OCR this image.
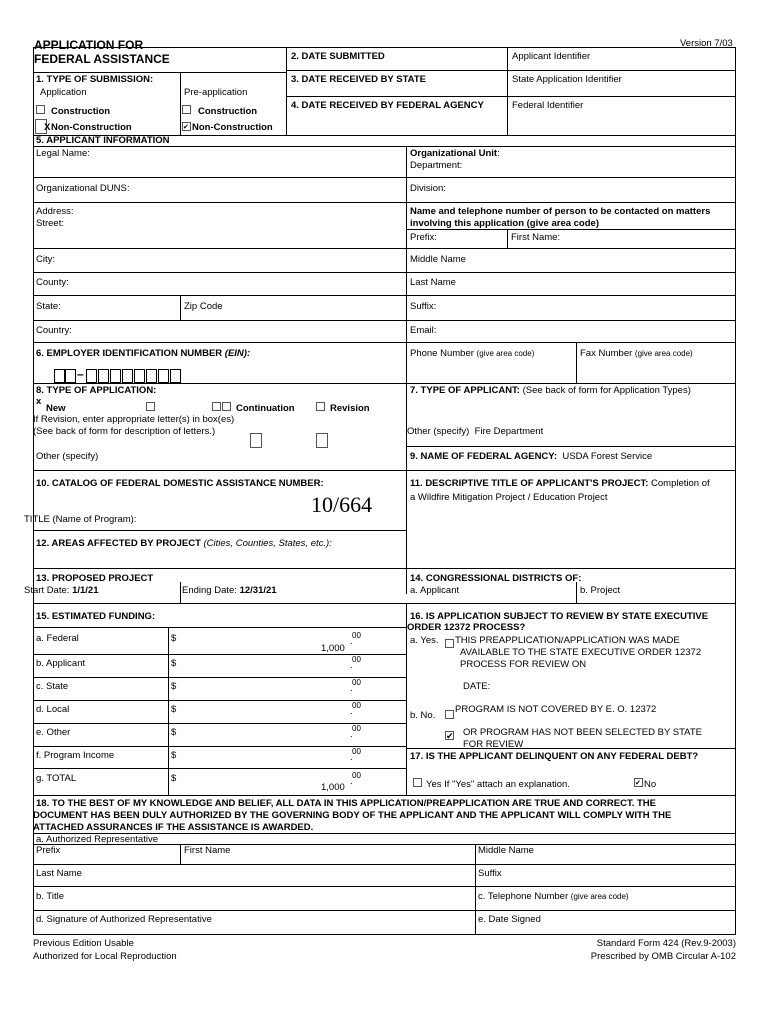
APPLICATION FOR
FEDERAL ASSISTANCE
Version 7/03
2. DATE SUBMITTED	Applicant Identifier
3. DATE RECEIVED BY STATE	State Application Identifier
4. DATE RECEIVED BY FEDERAL AGENCY	Federal Identifier
1. TYPE OF SUBMISSION:
Application	Pre-application
Construction	Construction
X Non-Construction	✔ Non-Construction
5. APPLICANT INFORMATION
Legal Name:	Organizational Unit:
Department:
Organizational DUNS:	Division:
Address:
Street:
Name and telephone number of person to be contacted on matters
involving this application (give area code)
Prefix:	First Name:
City:	Middle Name
County:	Last Name
State:	Zip Code	Suffix:
Country:	Email:
6. EMPLOYER IDENTIFICATION NUMBER (EIN):
–
Phone Number (give area code)	Fax Number (give area code)
8. TYPE OF APPLICATION:
x
New	Continuation	Revision
If Revision, enter appropriate letter(s) in box(es)
(See back of form for description of letters.)
Other (specify)
7. TYPE OF APPLICANT: (See back of form for Application Types)
Other (specify) Fire Department
9. NAME OF FEDERAL AGENCY: USDA Forest Service
10. CATALOG OF FEDERAL DOMESTIC ASSISTANCE NUMBER:
10/664
TITLE (Name of Program):
11. DESCRIPTIVE TITLE OF APPLICANT'S PROJECT: Completion of
a Wildfire Mitigation Project / Education Project
12. AREAS AFFECTED BY PROJECT (Cities, Counties, States, etc.):
13. PROPOSED PROJECT
Start Date: 1/1/21	Ending Date: 12/31/21
14. CONGRESSIONAL DISTRICTS OF:
a. Applicant	b. Project
15. ESTIMATED FUNDING:
a. Federal	$	00
.
1,000
b. Applicant	$	00
.
c. State	$	00
.
d. Local	$	00
.
e. Other	$	00
.
f. Program Income	$	00
.
g. TOTAL	$	00
.
1,000
16. IS APPLICATION SUBJECT TO REVIEW BY STATE EXECUTIVE
ORDER 12372 PROCESS?
a. Yes. THIS PREAPPLICATION/APPLICATION WAS MADE
AVAILABLE TO THE STATE EXECUTIVE ORDER 12372
PROCESS FOR REVIEW ON
DATE:
b. No.
PROGRAM IS NOT COVERED BY E. O. 12372
✔ OR PROGRAM HAS NOT BEEN SELECTED BY STATE
FOR REVIEW
17. IS THE APPLICANT DELINQUENT ON ANY FEDERAL DEBT?
Yes If "Yes" attach an explanation.	✔ No
18. TO THE BEST OF MY KNOWLEDGE AND BELIEF, ALL DATA IN THIS APPLICATION/PREAPPLICATION ARE TRUE AND CORRECT. THE
DOCUMENT HAS BEEN DULY AUTHORIZED BY THE GOVERNING BODY OF THE APPLICANT AND THE APPLICANT WILL COMPLY WITH THE
ATTACHED ASSURANCES IF THE ASSISTANCE IS AWARDED.
a. Authorized Representative
Prefix	First Name	Middle Name
Last Name	Suffix
b. Title	c. Telephone Number (give area code)
d. Signature of Authorized Representative	e. Date Signed
Previous Edition Usable
Authorized for Local Reproduction
Standard Form 424 (Rev.9-2003)
Prescribed by OMB Circular A-102
